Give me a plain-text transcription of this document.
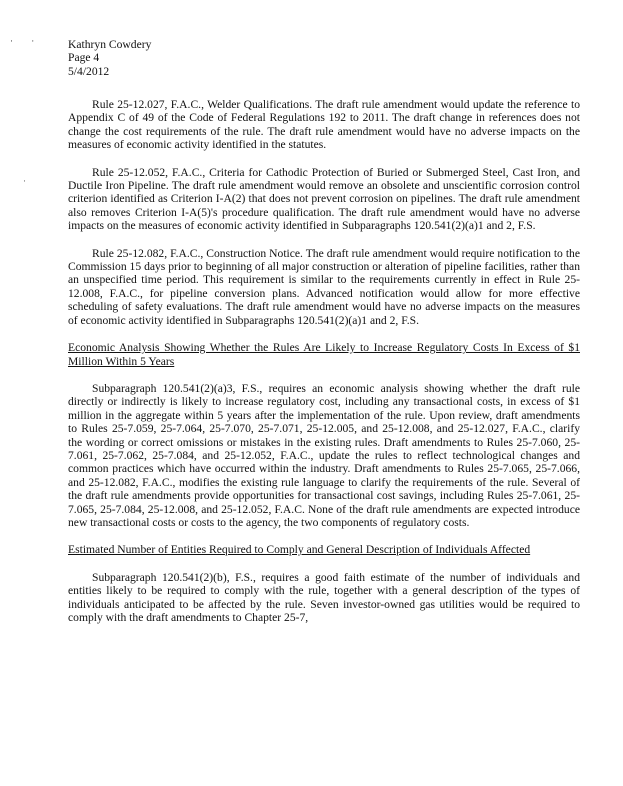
· ·
·
Kathryn Cowdery
Page 4
5/4/2012

Rule 25-12.027, F.A.C., Welder Qualifications. The draft rule amendment would update the reference to Appendix C of 49 of the Code of Federal Regulations 192 to 2011. The draft change in references does not change the cost requirements of the rule. The draft rule amendment would have no adverse impacts on the measures of economic activity identified in the statutes.

Rule 25-12.052, F.A.C., Criteria for Cathodic Protection of Buried or Submerged Steel, Cast Iron, and Ductile Iron Pipeline. The draft rule amendment would remove an obsolete and unscientific corrosion control criterion identified as Criterion I-A(2) that does not prevent corrosion on pipelines. The draft rule amendment also removes Criterion I-A(5)'s procedure qualification. The draft rule amendment would have no adverse impacts on the measures of economic activity identified in Subparagraphs 120.541(2)(a)1 and 2, F.S.

Rule 25-12.082, F.A.C., Construction Notice. The draft rule amendment would require notification to the Commission 15 days prior to beginning of all major construction or alteration of pipeline facilities, rather than an unspecified time period. This requirement is similar to the requirements currently in effect in Rule 25-12.008, F.A.C., for pipeline conversion plans. Advanced notification would allow for more effective scheduling of safety evaluations. The draft rule amendment would have no adverse impacts on the measures of economic activity identified in Subparagraphs 120.541(2)(a)1 and 2, F.S.

Economic Analysis Showing Whether the Rules Are Likely to Increase Regulatory Costs In Excess of $1 Million Within 5 Years

Subparagraph 120.541(2)(a)3, F.S., requires an economic analysis showing whether the draft rule directly or indirectly is likely to increase regulatory cost, including any transactional costs, in excess of $1 million in the aggregate within 5 years after the implementation of the rule. Upon review, draft amendments to Rules 25-7.059, 25-7.064, 25-7.070, 25-7.071, 25-12.005, and 25-12.008, and 25-12.027, F.A.C., clarify the wording or correct omissions or mistakes in the existing rules. Draft amendments to Rules 25-7.060, 25-7.061, 25-7.062, 25-7.084, and 25-12.052, F.A.C., update the rules to reflect technological changes and common practices which have occurred within the industry. Draft amendments to Rules 25-7.065, 25-7.066, and 25-12.082, F.A.C., modifies the existing rule language to clarify the requirements of the rule. Several of the draft rule amendments provide opportunities for transactional cost savings, including Rules 25-7.061, 25-7.065, 25-7.084, 25-12.008, and 25-12.052, F.A.C. None of the draft rule amendments are expected introduce new transactional costs or costs to the agency, the two components of regulatory costs.

Estimated Number of Entities Required to Comply and General Description of Individuals Affected

Subparagraph 120.541(2)(b), F.S., requires a good faith estimate of the number of individuals and entities likely to be required to comply with the rule, together with a general description of the types of individuals anticipated to be affected by the rule. Seven investor-owned gas utilities would be required to comply with the draft amendments to Chapter 25-7,
